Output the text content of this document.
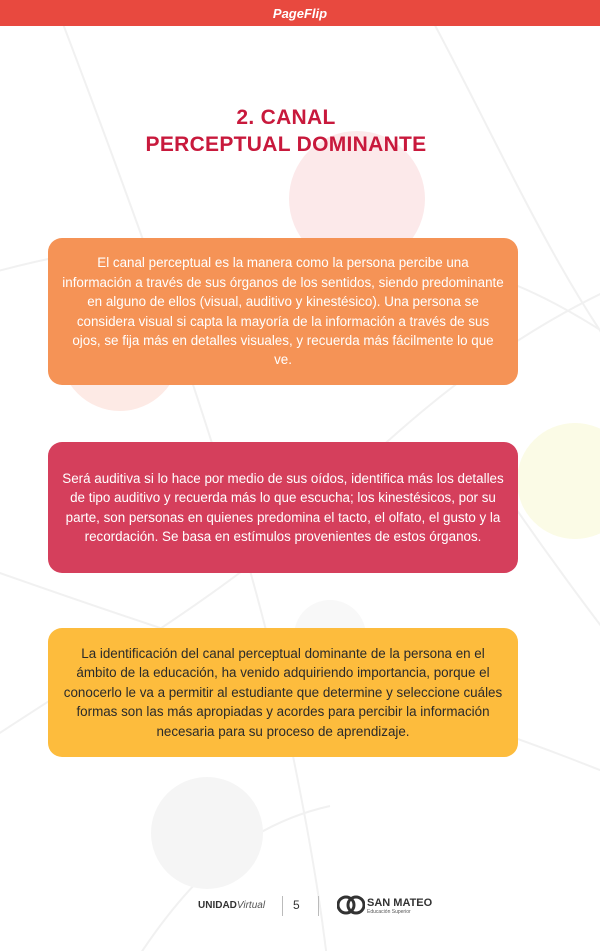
PageFlip
2. CANAL
PERCEPTUAL DOMINANTE
El canal perceptual es la manera como la persona percibe una información a través de sus órganos de los sentidos, siendo predominante en alguno de ellos (visual, auditivo y kinestésico). Una persona se considera visual si capta la mayoría de la información a través de sus ojos, se fija más en detalles visuales, y recuerda más fácilmente lo que ve.
Será auditiva si lo hace por medio de sus oídos, identifica más los detalles de tipo auditivo y recuerda más lo que escucha; los kinestésicos, por su parte, son personas en quienes predomina el tacto, el olfato, el gusto y la recordación. Se basa en estímulos provenientes de estos órganos.
La identificación del canal perceptual dominante de la persona en el ámbito de la educación, ha venido adquiriendo importancia, porque el conocerlo le va a permitir al estudiante que determine y seleccione cuáles formas son las más apropiadas y acordes para percibir la información necesaria para su proceso de aprendizaje.
UNIDADVirtual 5	SAN MATEO
Educación Superior
